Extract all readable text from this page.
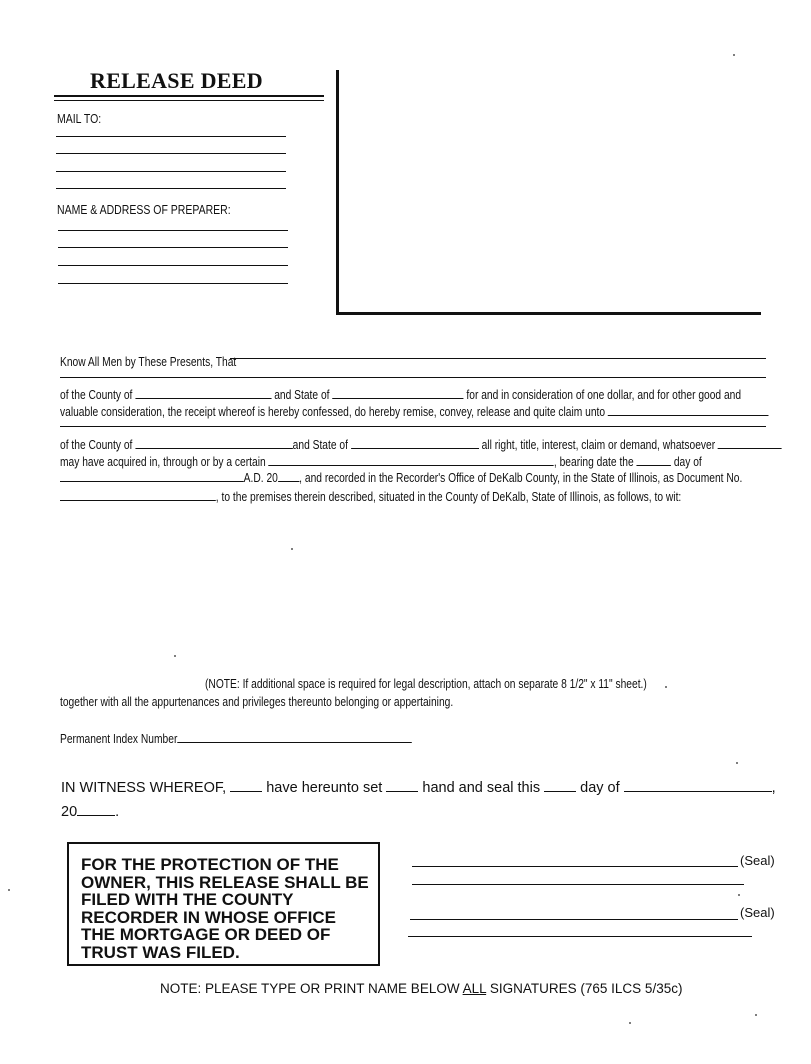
RELEASE DEED
MAIL TO:
NAME & ADDRESS OF PREPARER:
Know All Men by These Presents, That
of the County of	and State of	for and in consideration of one dollar, and for other good and
valuable consideration, the receipt whereof is hereby confessed, do hereby remise, convey, release and quite claim unto
of the County of	and State of	all right, title, interest, claim or demand, whatsoever
may have acquired in, through or by a certain	, bearing date the	day of
A.D. 20 , and recorded in the Recorder's Office of DeKalb County, in the State of Illinois, as Document No.
, to the premises therein described, situated in the County of DeKalb, State of Illinois, as follows, to wit:
(NOTE: If additional space is required for legal description, attach on separate 8 1/2" x 11" sheet.)
together with all the appurtenances and privileges thereunto belonging or appertaining.
Permanent Index Number
IN WITNESS WHEREOF,	have hereunto set	hand and seal this	day of	,
20	.
FOR THE PROTECTION OF THE OWNER, THIS RELEASE SHALL BE FILED WITH THE COUNTY RECORDER IN WHOSE OFFICE THE MORTGAGE OR DEED OF TRUST WAS FILED.
(Seal)
(Seal)
NOTE: PLEASE TYPE OR PRINT NAME BELOW ALL SIGNATURES (765 ILCS 5/35c)
